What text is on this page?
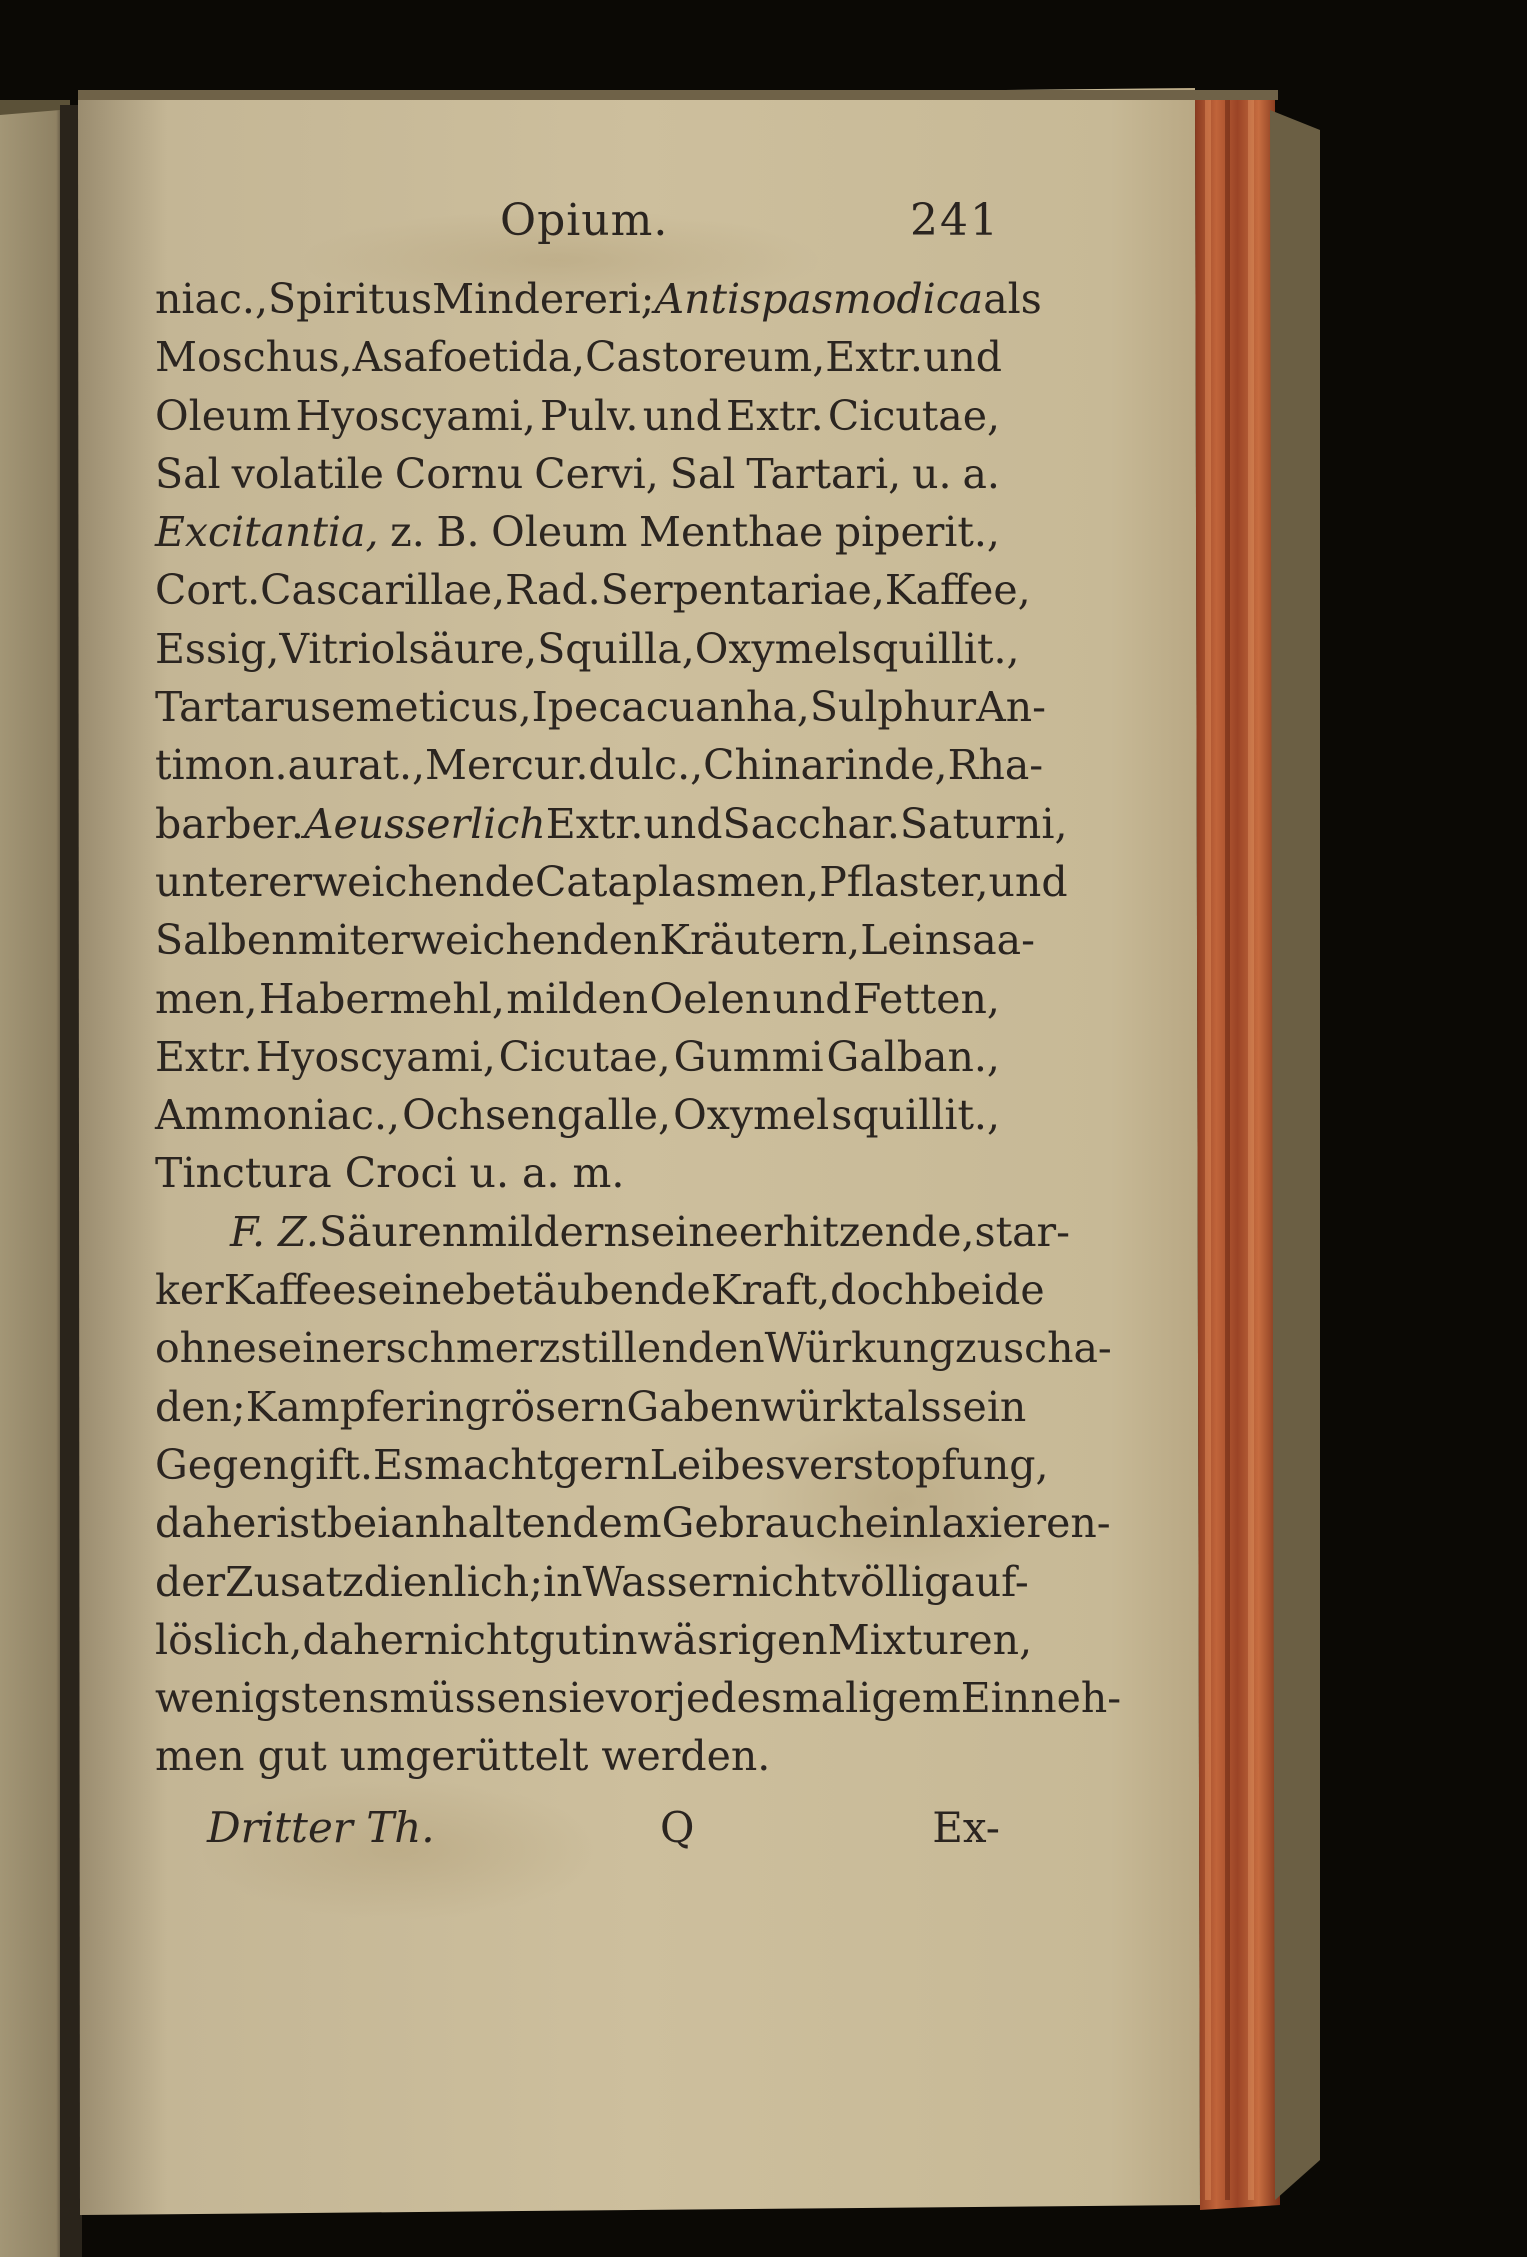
Opium.	241
niac., Spiritus Mindereri; Antispasmodica als
Moschus, Asa foetida, Castoreum, Extr. und
Oleum Hyoscyami, Pulv. und Extr. Cicutae,
Sal volatile Cornu Cervi, Sal Tartari, u. a.
Excitantia, z. B. Oleum Menthae piperit.,
Cort. Cascarillae, Rad. Serpentariae, Kaffee,
Essig, Vitriolsäure, Squilla, Oxymel squillit.,
Tartarus emeticus, Ipecacuanha, Sulphur An-
timon. aurat., Mercur. dulc., Chinarinde, Rha-
barber. Aeusserlich Extr. und Sacchar. Saturni,
unter erweichende Cataplasmen, Pflaster, und
Salben mit erweichenden Kräutern, Leinsaa-
men, Habermehl, milden Oelen und Fetten,
Extr. Hyoscyami, Cicutae, Gummi Galban.,
Ammoniac., Ochsengalle, Oxymel squillit.,
Tinctura Croci u. a. m.
F. Z. Säuren mildern seine erhitzende, star-
ker Kaffee seine betäubende Kraft, doch beide
ohne seiner schmerzstillenden Würkung zu scha-
den; Kampfer in grösern Gaben würkt als sein
Gegengift. Es macht gern Leibesverstopfung,
daher ist bei anhaltendem Gebrauch ein laxieren-
der Zusatz dienlich; in Wasser nicht völlig auf-
löslich, daher nicht gut in wäsrigen Mixturen,
wenigstens müssen sie vor jedesmaligem Einneh-
men gut umgerüttelt werden.
Dritter Th.	Q	Ex-
